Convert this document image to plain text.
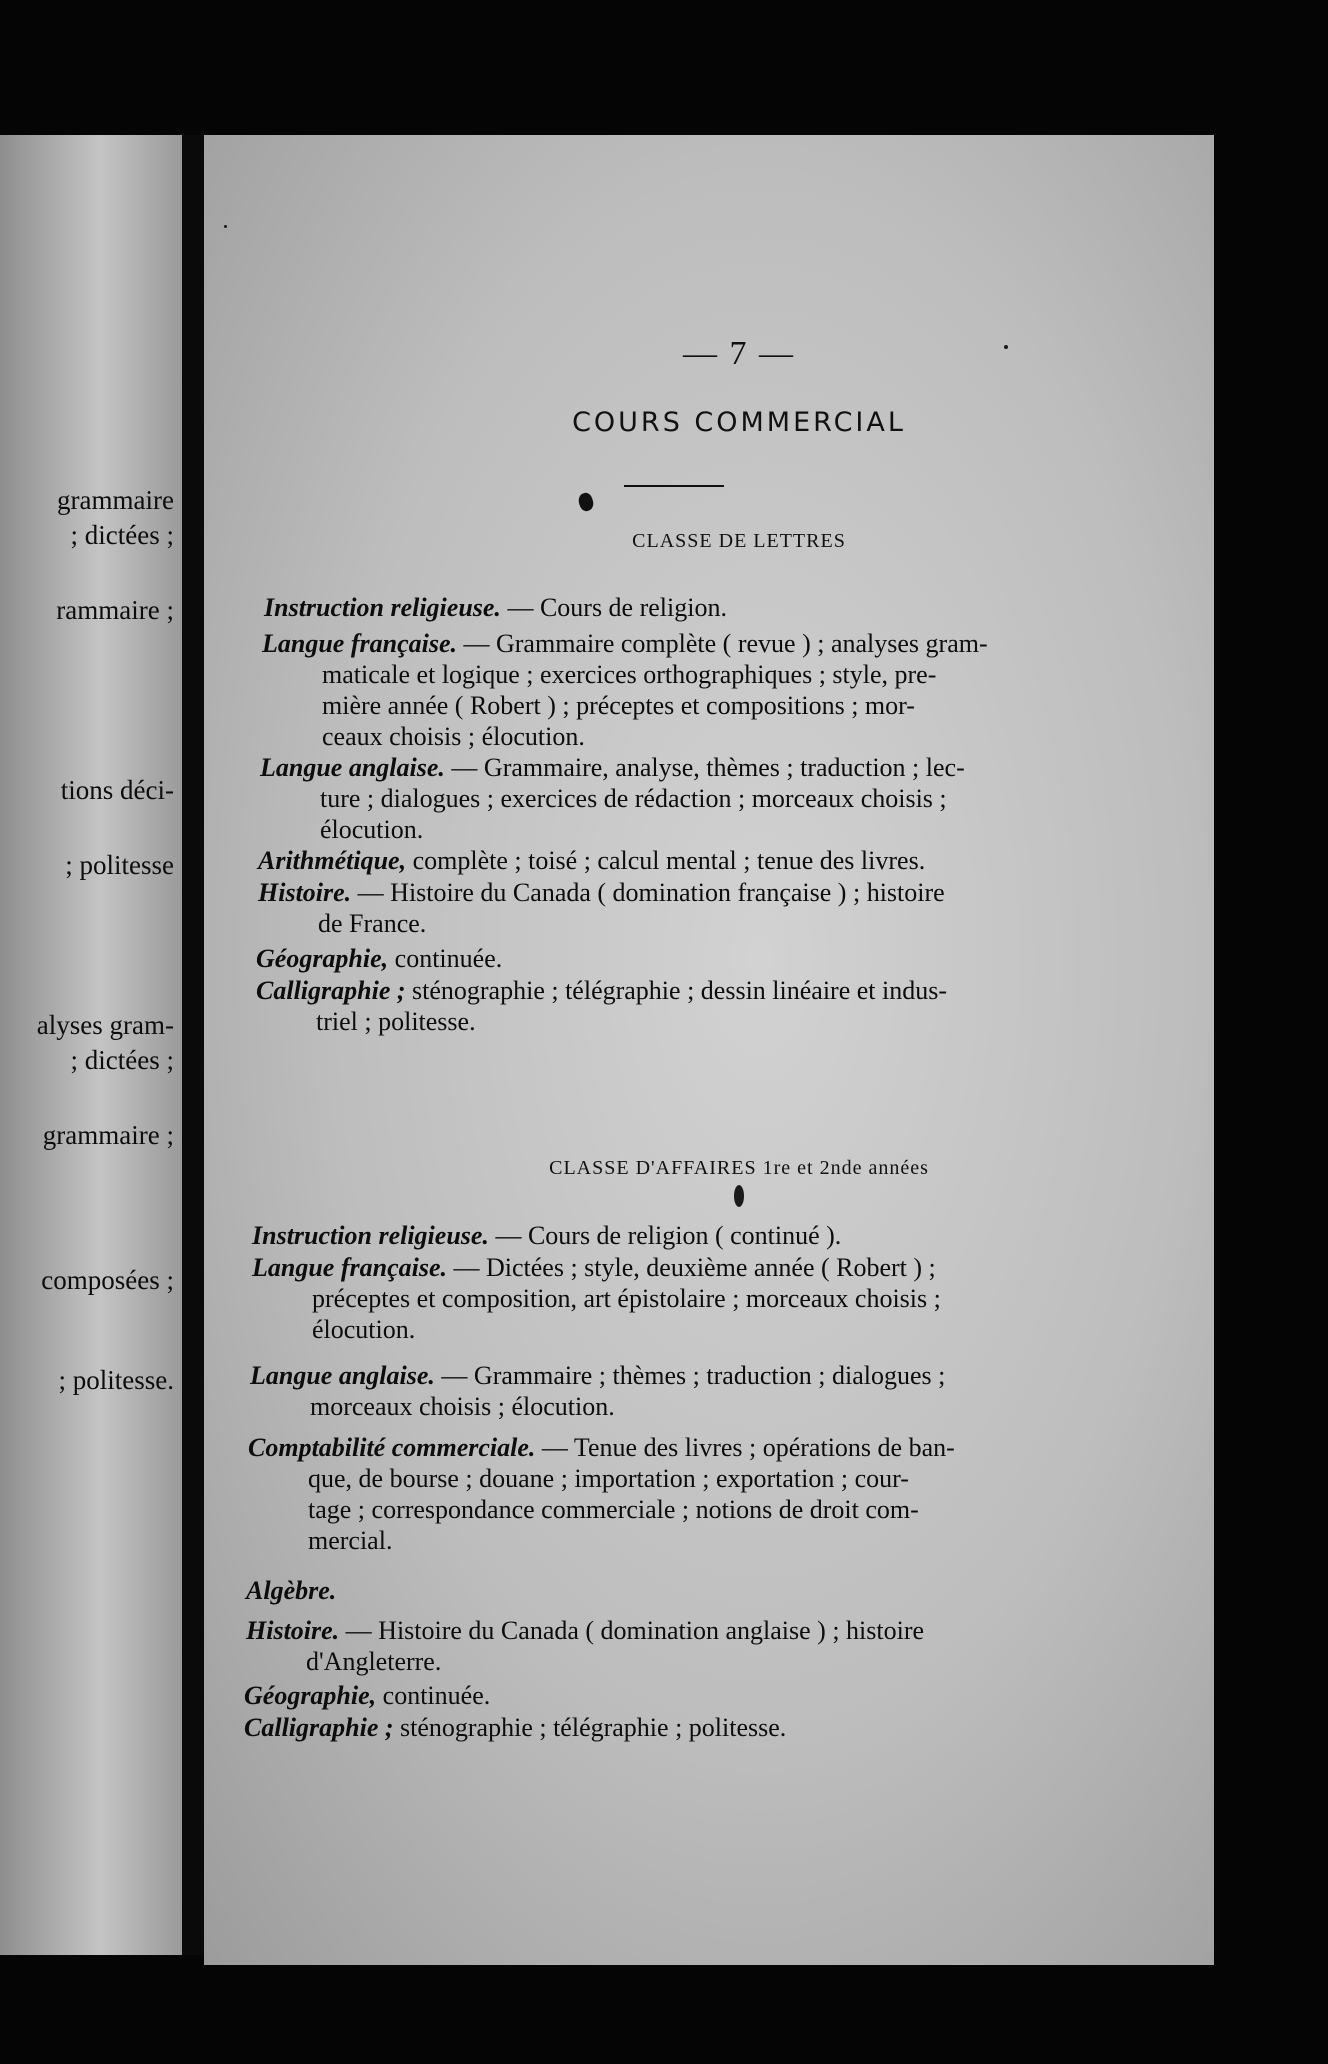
grammaire
; dictées ;
rammaire ;
tions déci-
; politesse
alyses gram-
; dictées ;
grammaire ;
composées ;
; politesse.
— 7 —
COURS COMMERCIAL
CLASSE DE LETTRES
Instruction religieuse. — Cours de religion.
Langue française. — Grammaire complète ( revue ) ; analyses gram-
maticale et logique ; exercices orthographiques ; style, pre-
mière année ( Robert ) ; préceptes et compositions ; mor-
ceaux choisis ; élocution.
Langue anglaise. — Grammaire, analyse, thèmes ; traduction ; lec-
ture ; dialogues ; exercices de rédaction ; morceaux choisis ;
élocution.
Arithmétique, complète ; toisé ; calcul mental ; tenue des livres.
Histoire. — Histoire du Canada ( domination française ) ; histoire
de France.
Géographie, continuée.
Calligraphie ; sténographie ; télégraphie ; dessin linéaire et indus-
triel ; politesse.
CLASSE D'AFFAIRES 1re et 2nde années
Instruction religieuse. — Cours de religion ( continué ).
Langue française. — Dictées ; style, deuxième année ( Robert ) ;
préceptes et composition, art épistolaire ; morceaux choisis ;
élocution.
Langue anglaise. — Grammaire ; thèmes ; traduction ; dialogues ;
morceaux choisis ; élocution.
Comptabilité commerciale. — Tenue des livres ; opérations de ban-
que, de bourse ; douane ; importation ; exportation ; cour-
tage ; correspondance commerciale ; notions de droit com-
mercial.
Algèbre.
Histoire. — Histoire du Canada ( domination anglaise ) ; histoire
d'Angleterre.
Géographie, continuée.
Calligraphie ; sténographie ; télégraphie ; politesse.
